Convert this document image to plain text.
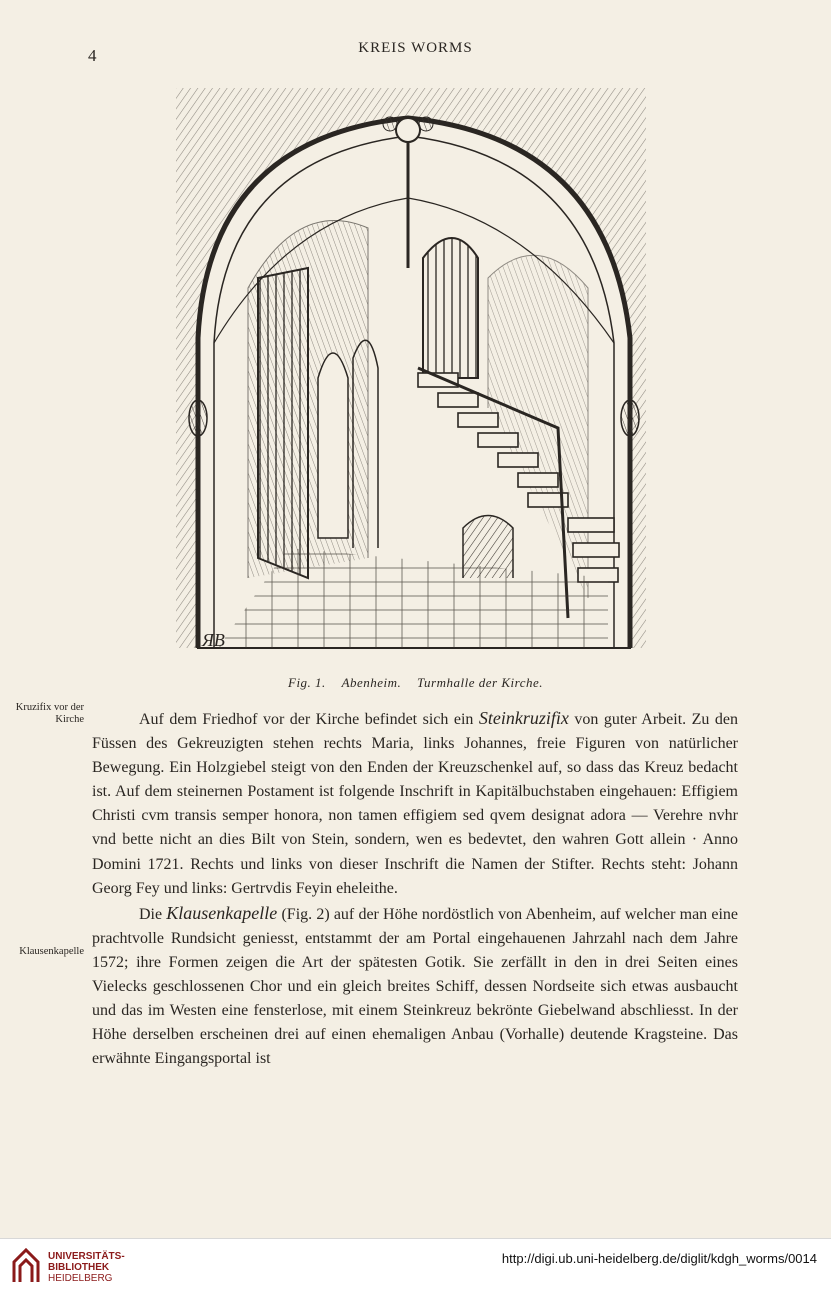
4	KREIS WORMS
ЯB
Fig. 1. Abenheim. Turmhalle der Kirche.
Kruzifix vor der Kirche
Klausenkapelle

Auf dem Friedhof vor der Kirche befindet sich ein Steinkruzifix von guter Arbeit. Zu den Füssen des Gekreuzigten stehen rechts Maria, links Johannes, freie Figuren von natürlicher Bewegung. Ein Holzgiebel steigt von den Enden der Kreuzschenkel auf, so dass das Kreuz bedacht ist. Auf dem steinernen Postament ist folgende Inschrift in Kapitälbuchstaben eingehauen: Effigiem Christi cvm transis semper honora, non tamen effigiem sed qvem designat adora — Verehre nvhr vnd bette nicht an dies Bilt von Stein, sondern, wen es bedevtet, den wahren Gott allein · Anno Domini 1721. Rechts und links von dieser Inschrift die Namen der Stifter. Rechts steht: Johann Georg Fey und links: Gertrvdis Feyin eheleithe.

Die Klausenkapelle (Fig. 2) auf der Höhe nordöstlich von Abenheim, auf welcher man eine prachtvolle Rundsicht geniesst, entstammt der am Portal eingehauenen Jahrzahl nach dem Jahre 1572; ihre Formen zeigen die Art der spätesten Gotik. Sie zerfällt in den in drei Seiten eines Vielecks geschlossenen Chor und ein gleich breites Schiff, dessen Nordseite sich etwas ausbaucht und das im Westen eine fensterlose, mit einem Steinkreuz bekrönte Giebelwand abschliesst. In der Höhe derselben erscheinen drei auf einen ehemaligen Anbau (Vorhalle) deutende Kragsteine. Das erwähnte Eingangsportal ist

UNIVERSITÄTS-
BIBLIOTHEK
HEIDELBERG
http://digi.ub.uni-heidelberg.de/diglit/kdgh_worms/0014
